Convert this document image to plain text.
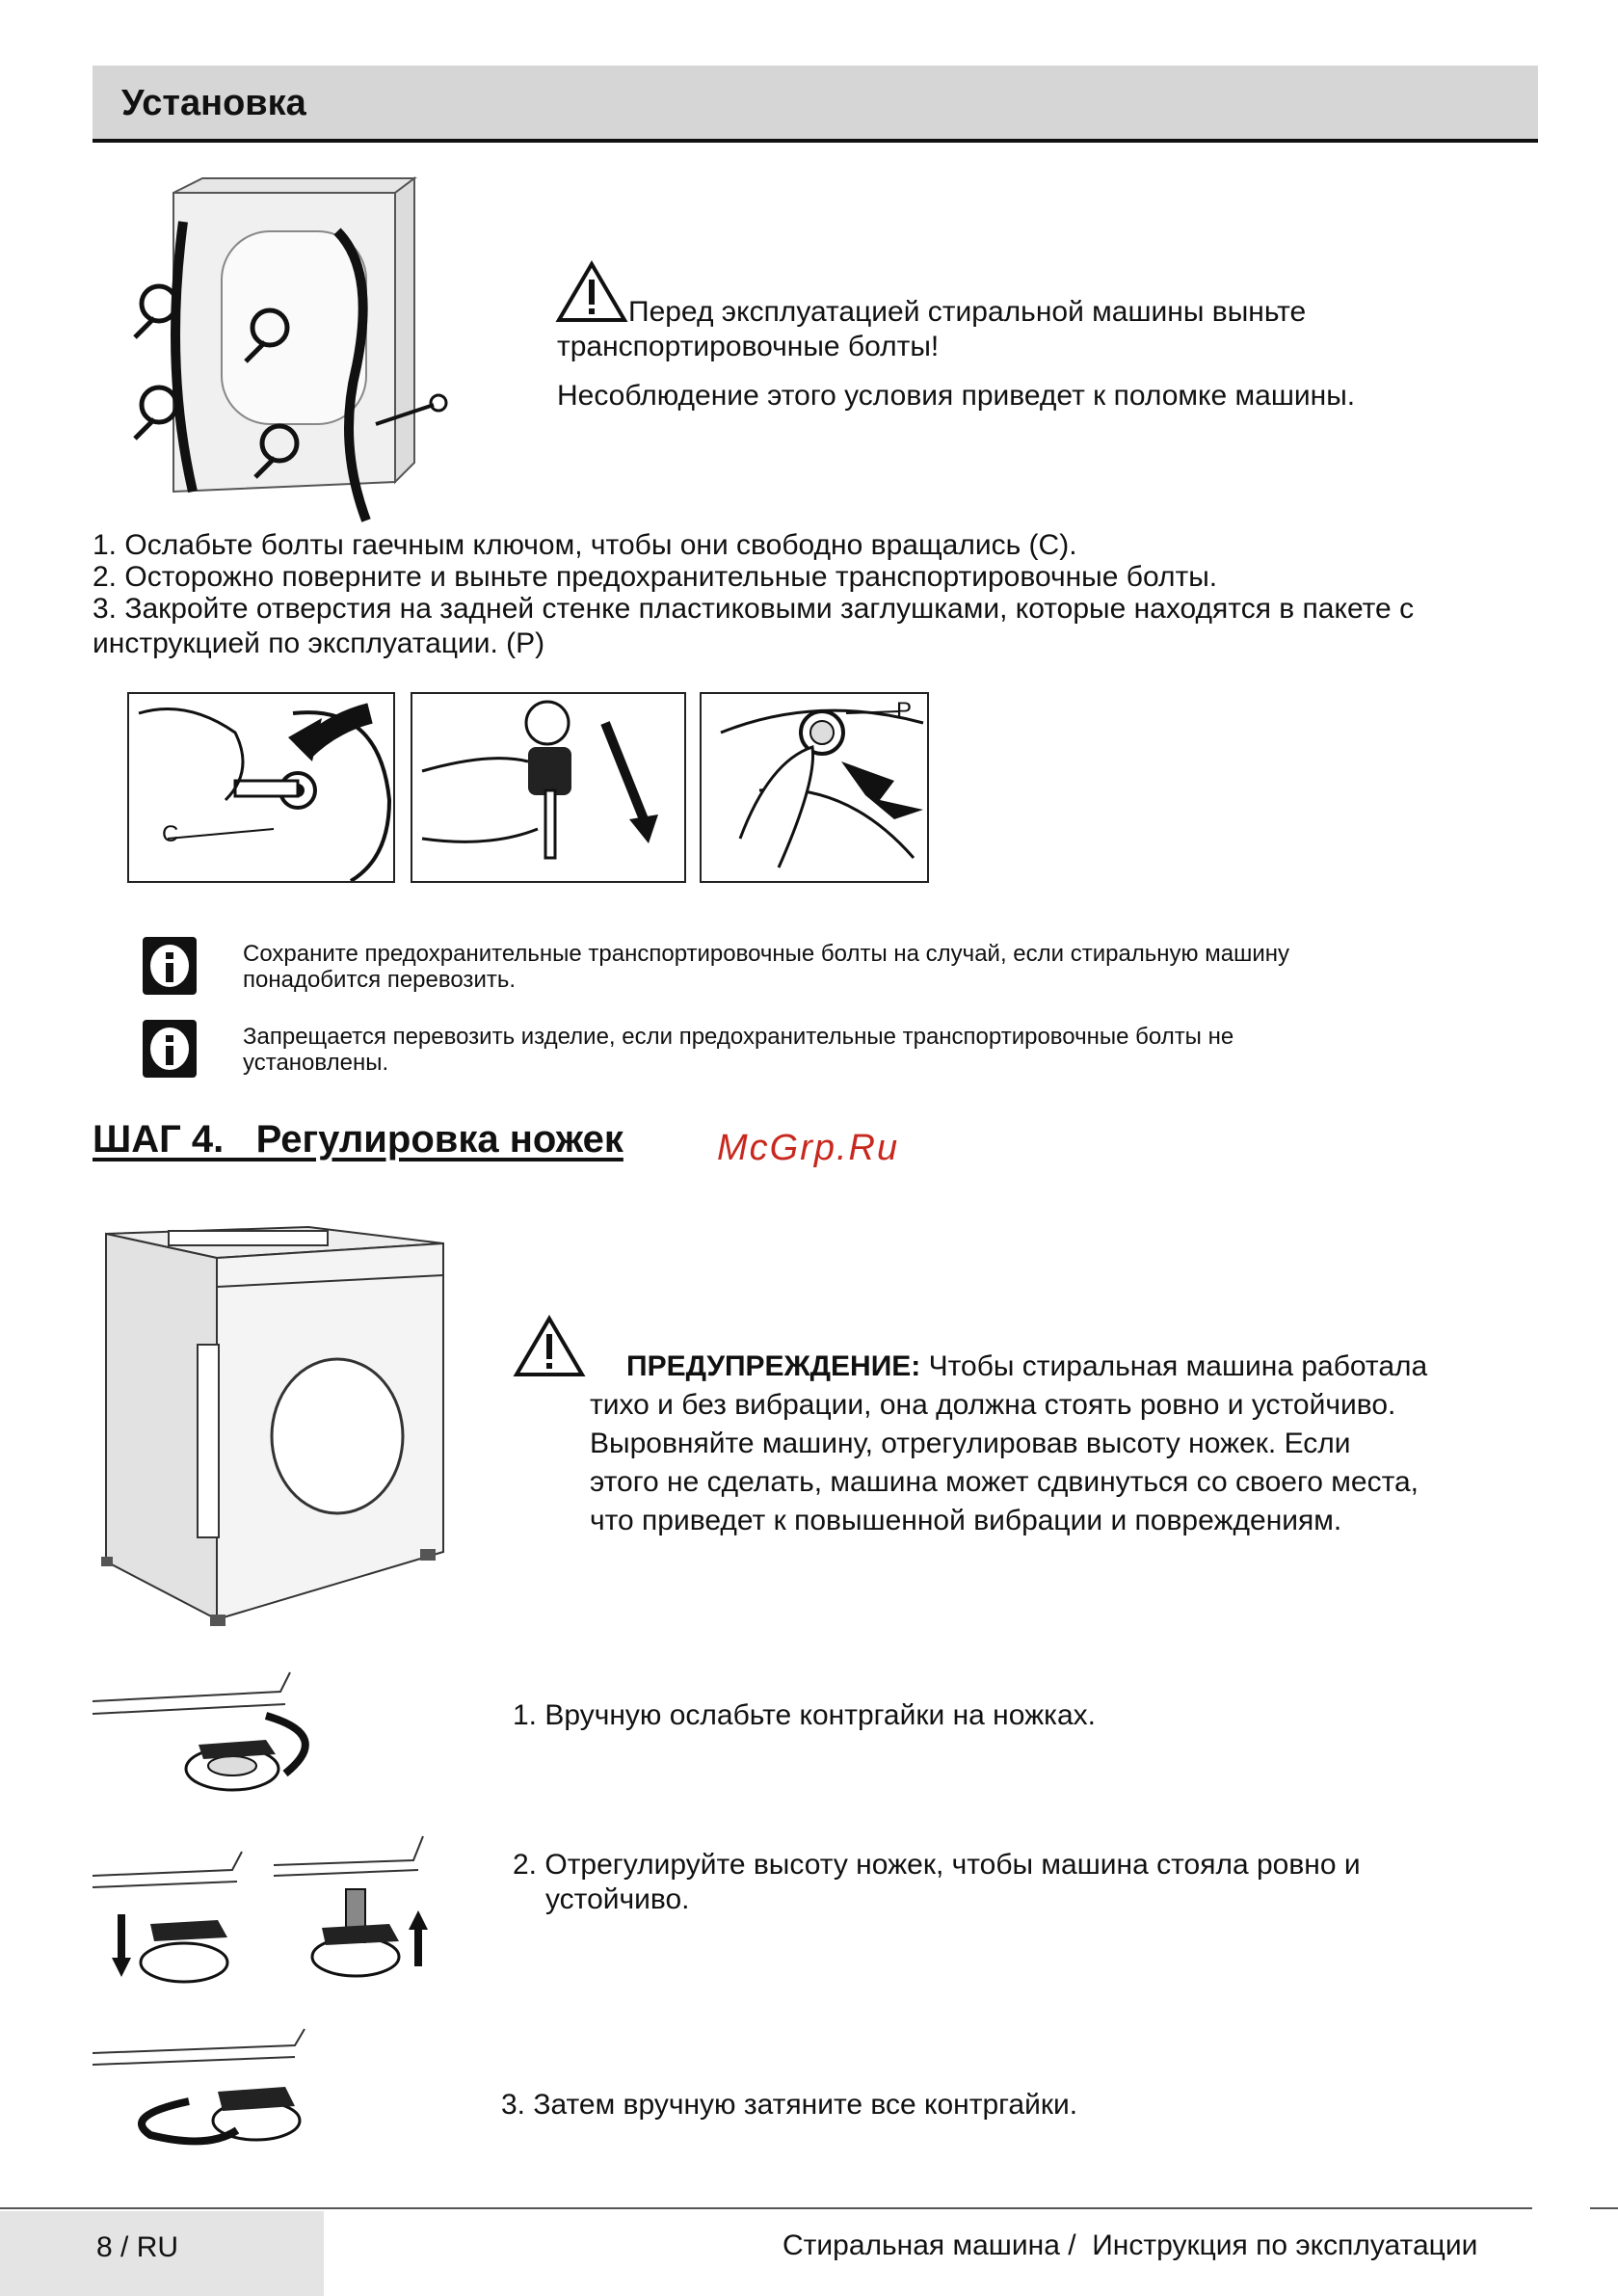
Установка
Перед эксплуатацией стиральной машины выньте
транспортировочные болты!
Несоблюдение этого условия приведет к поломке машины.
1. Ослабьте болты гаечным ключом, чтобы они свободно вращались (С).
2. Осторожно поверните и выньте предохранительные транспортировочные болты.
3. Закройте отверстия на задней стенке пластиковыми заглушками, которые находятся в пакете с
инструкцией по эксплуатации. (P)
C
P
Сохраните предохранительные транспортировочные болты на случай, если стиральную машину
понадобится перевозить.
Запрещается перевозить изделие, если предохранительные транспортировочные болты не
установлены.
ШАГ 4.   Регулировка ножек	McGrp.Ru
ПРЕДУПРЕЖДЕНИЕ: Чтобы стиральная машина работала
тихо и без вибрации, она должна стоять ровно и устойчиво.
Выровняйте машину, отрегулировав высоту ножек. Если
этого не сделать, машина может сдвинуться со своего места,
что приведет к повышенной вибрации и повреждениям.
1. Вручную ослабьте контргайки на ножках.
2. Отрегулируйте высоту ножек, чтобы машина стояла ровно и
устойчиво.
3. Затем вручную затяните все контргайки.
8 / RU	Стиральная машина /  Инструкция по эксплуатации
